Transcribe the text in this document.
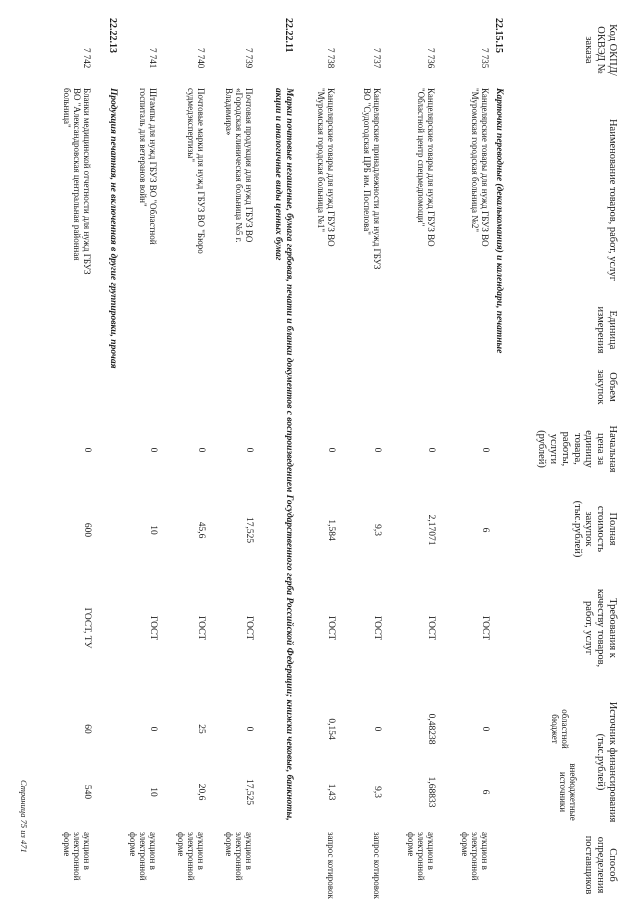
Код ОКПД/ ОКВЭД № заказа
Наименование товаров, работ, услуг
Единица измерения
Объем закупок
Начальная цена за единицу товара, работы, услуги (рублей)
Полная стоимость закупок (тыс.рублей)
Требования к качеству товаров, работ, услуг
Источник финансирования (тыс.рублей)
областной бюджет
внебюджетные источники
Способ определения поставщиков
22.15.15
Карточки переводные (декалькомания) и календари, печатные
7 735
Канцелярские товары для нужд ГБУЗ ВО "Муромская городская больница №2"
0
6
ГОСТ
0
6
аукцион в электронной форме
7 736
Канцелярские товары для нужд ГБУЗ ВО "Областной центр спецмедпомощи"
0
2,17071
ГОСТ
0,48238
1,68833
аукцион в электронной форме
7 737
Канцелярские принадлежности для нужд ГБУЗ ВО "Судогодская ЦРБ им. Поспелова"
0
9,3
ГОСТ
0
9,3
запрос котировок
7 738
Канцелярские товары для нужд ГБУЗ ВО "Муромская городская больница №1"
0
1,584
ГОСТ
0,154
1,43
запрос котировок
22.22.11
Марки почтовые негашеные, бумага гербовая, печати и бланки документов с воспроизведением Государственного герба Российской Федерации; книжки чековые, банкноты, акции и аналогичные виды ценных бумаг
7 739
Почтовая продукция для нужд ГБУЗ ВО «Городская клиническая больница №5 г. Владимира»
0
17,525
ГОСТ
0
17,525
аукцион в электронной форме
7 740
Почтовые марки для нужд ГБУЗ ВО "Бюро судмедэкспертизы"
0
45,6
ГОСТ
25
20,6
аукцион в электронной форме
7 741
Штампы для нужд ГБУЗ ВО "Областной госпиталь для ветеранов войн"
0
10
ГОСТ
0
10
аукцион в электронной форме
22.22.13
Продукция печатная, не включенная в другие группировки, прочая
7 742
Бланки медицинской отчетности для нужд ГБУЗ ВО "Александровская центральная районная больница"
0
600
ГОСТ, ТУ
60
540
аукцион в электронной форме
Страница 75 из 471
